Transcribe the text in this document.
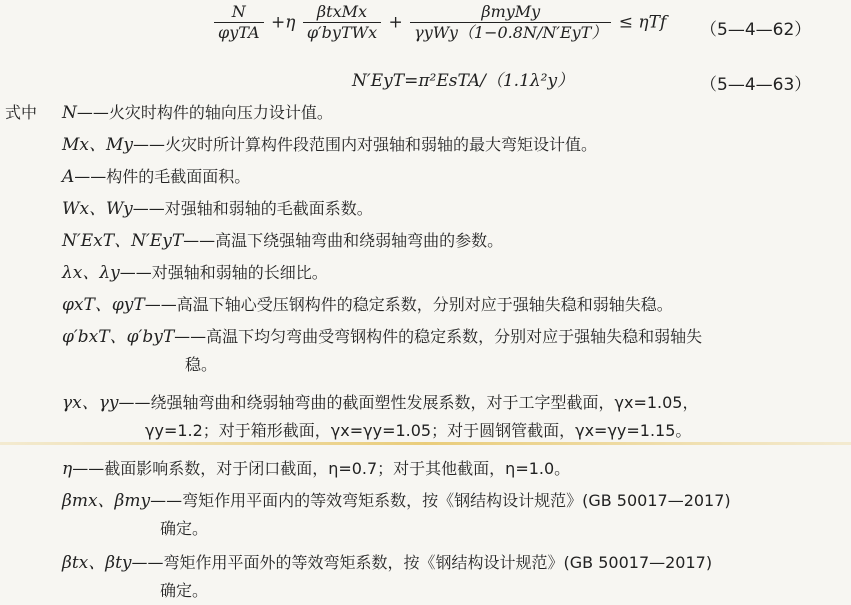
$\frac{N}{\text{φyTA}} +\eta \frac{\text{βtxMx}}{\text{φ′byTWx}} + \frac{\text{βmyMy}}{\text{γyWy（1−0.8N/N′EyT）}} \le \eta Tf$ （5—4—62）
N′EyT=π²EsTA/（1.1λ²y）	（5—4—63）
式中 N——火灾时构件的轴向压力设计值。
Mx、My——火灾时所计算构件段范围内对强轴和弱轴的最大弯矩设计值。
A——构件的毛截面面积。
Wx、Wy——对强轴和弱轴的毛截面系数。
N′ExT、N′EyT——高温下绕强轴弯曲和绕弱轴弯曲的参数。
λx、λy——对强轴和弱轴的长细比。
φxT、φyT——高温下轴心受压钢构件的稳定系数，分别对应于强轴失稳和弱轴失稳。
φ′bxT、φ′byT——高温下均匀弯曲受弯钢构件的稳定系数，分别对应于强轴失稳和弱轴失
稳。
γx、γy——绕强轴弯曲和绕弱轴弯曲的截面塑性发展系数，对于工字型截面，γx=1.05，
γy=1.2；对于箱形截面，γx=γy=1.05；对于圆钢管截面，γx=γy=1.15。
η——截面影响系数，对于闭口截面，η=0.7；对于其他截面，η=1.0。
βmx、βmy——弯矩作用平面内的等效弯矩系数，按《钢结构设计规范》(GB 50017—2017)
确定。
βtx、βty——弯矩作用平面外的等效弯矩系数，按《钢结构设计规范》(GB 50017—2017)
确定。
